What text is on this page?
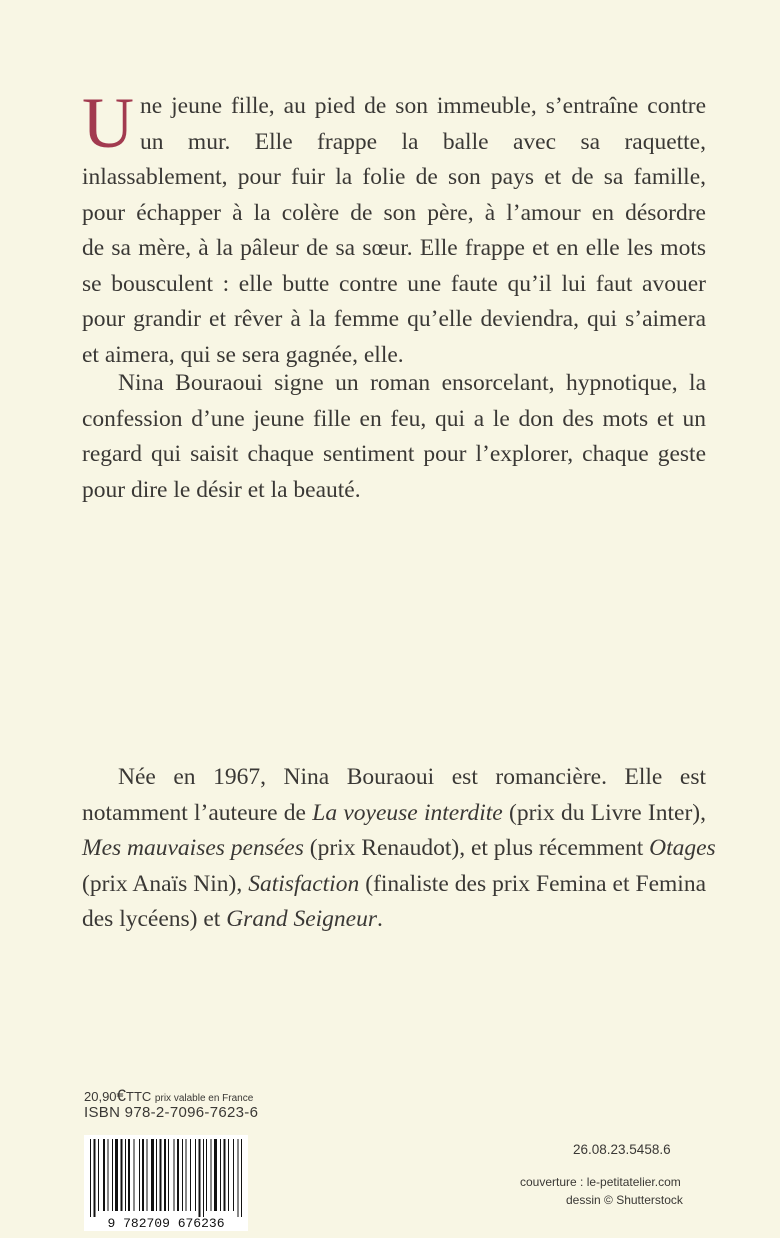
U ne jeune fille, au pied de son immeuble, s’entraîne contre
un mur. Elle frappe la balle avec sa raquette,
inlassablement, pour fuir la folie de son pays et de sa famille,
pour échapper à la colère de son père, à l’amour en désordre
de sa mère, à la pâleur de sa sœur. Elle frappe et en elle les mots
se bousculent : elle butte contre une faute qu’il lui faut avouer
pour grandir et rêver à la femme qu’elle deviendra, qui s’aimera
et aimera, qui se sera gagnée, elle.
Nina Bouraoui signe un roman ensorcelant, hypnotique, la
confession d’une jeune fille en feu, qui a le don des mots et un
regard qui saisit chaque sentiment pour l’explorer, chaque geste
pour dire le désir et la beauté.
Née en 1967, Nina Bouraoui est romancière. Elle est
notamment l’auteure de La voyeuse interdite (prix du Livre Inter),
Mes mauvaises pensées (prix Renaudot), et plus récemment Otages
(prix Anaïs Nin), Satisfaction (finaliste des prix Femina et Femina
des lycéens) et Grand Seigneur.
20,90€TTC prix valable en France
ISBN 978-2-7096-7623-6
26.08.23.5458.6
couverture : le-petitatelier.com
dessin © Shutterstock
9 782709 676236
